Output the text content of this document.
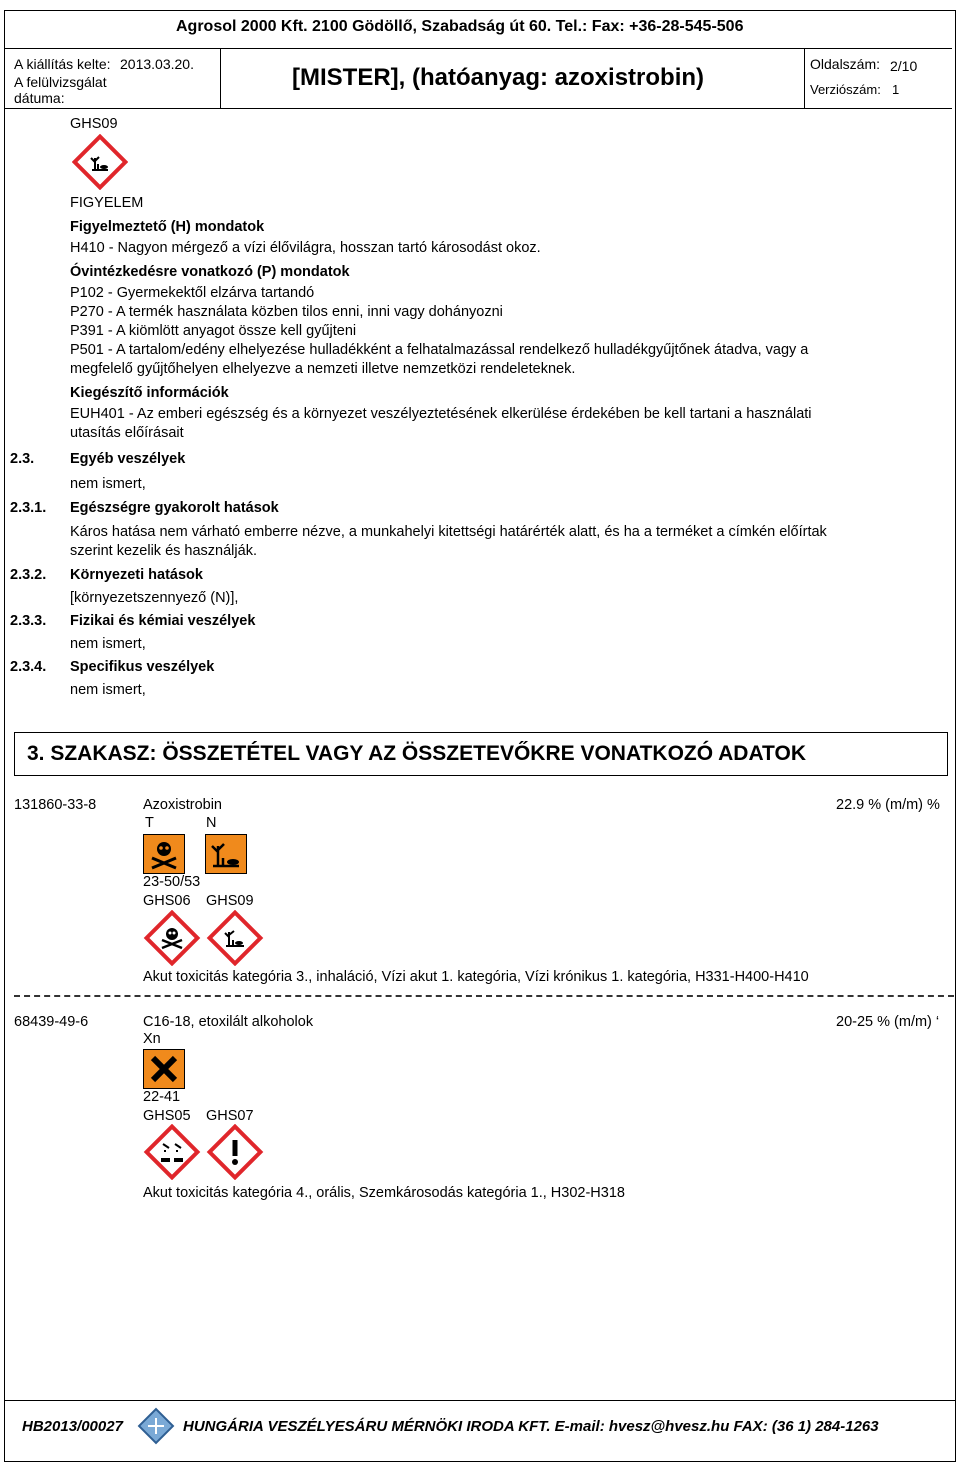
Agrosol 2000 Kft. 2100 Gödöllő, Szabadság út 60. Tel.: Fax: +36-28-545-506
A kiállítás kelte: 2013.03.20.
A felülvizsgálat
dátuma:
[MISTER], (hatóanyag: azoxistrobin)	Oldalszám: 2/10
Verziószám: 1
GHS09
FIGYELEM
Figyelmeztető (H) mondatok
H410 - Nagyon mérgező a vízi élővilágra, hosszan tartó károsodást okoz.
Óvintézkedésre vonatkozó (P) mondatok
P102 - Gyermekektől elzárva tartandó
P270 - A termék használata közben tilos enni, inni vagy dohányozni
P391 - A kiömlött anyagot össze kell gyűjteni
P501 - A tartalom/edény elhelyezése hulladékként a felhatalmazással rendelkező hulladékgyűjtőnek átadva, vagy a
megfelelő gyűjtőhelyen elhelyezve a nemzeti illetve nemzetközi rendeleteknek.
Kiegészítő információk
EUH401 - Az emberi egészség és a környezet veszélyeztetésének elkerülése érdekében be kell tartani a használati
utasítás előírásait
2.3. Egyéb veszélyek
nem ismert,
2.3.1. Egészségre gyakorolt hatások
Káros hatása nem várható emberre nézve, a munkahelyi kitettségi határérték alatt, és ha a terméket a címkén előírtak
szerint kezelik és használják.
2.3.2. Környezeti hatások
[környezetszennyező (N)],
2.3.3. Fizikai és kémiai veszélyek
nem ismert,
2.3.4. Specifikus veszélyek
nem ismert,
3. SZAKASZ: ÖSSZETÉTEL VAGY AZ ÖSSZETEVŐKRE VONATKOZÓ ADATOK
131860-33-8	Azoxistrobin	22.9 % (m/m) %
T	N
23-50/53
GHS06 GHS09
Akut toxicitás kategória 3., inhaláció, Vízi akut 1. kategória, Vízi krónikus 1. kategória, H331-H400-H410
68439-49-6	C16-18, etoxilált alkoholok	20-25 % (m/m) ‘
Xn
22-41
GHS05 GHS07
Akut toxicitás kategória 4., orális, Szemkárosodás kategória 1., H302-H318
HB2013/00027	HUNGÁRIA VESZÉLYESÁRU MÉRNÖKI IRODA KFT. E-mail: hvesz@hvesz.hu FAX: (36 1) 284-1263
